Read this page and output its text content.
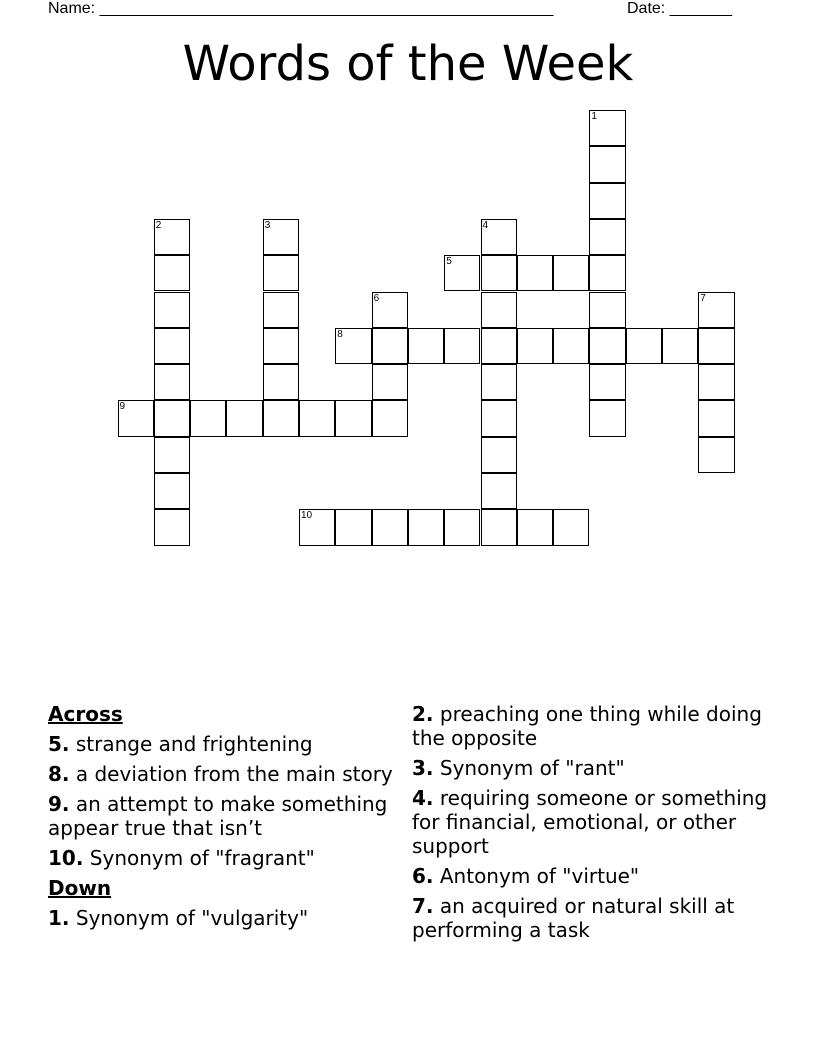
Name: ___________________________________________________	Date: _______
Words of the Week
1
2	3	4
5
6	7
8
9
10
Across
5. strange and frightening
8. a deviation from the main story
9. an attempt to make something appear true that isn’t
10. Synonym of "fragrant"
Down
1. Synonym of "vulgarity"
2. preaching one thing while doing the opposite
3. Synonym of "rant"
4. requiring someone or something for financial, emotional, or other support
6. Antonym of "virtue"
7. an acquired or natural skill at performing a task
